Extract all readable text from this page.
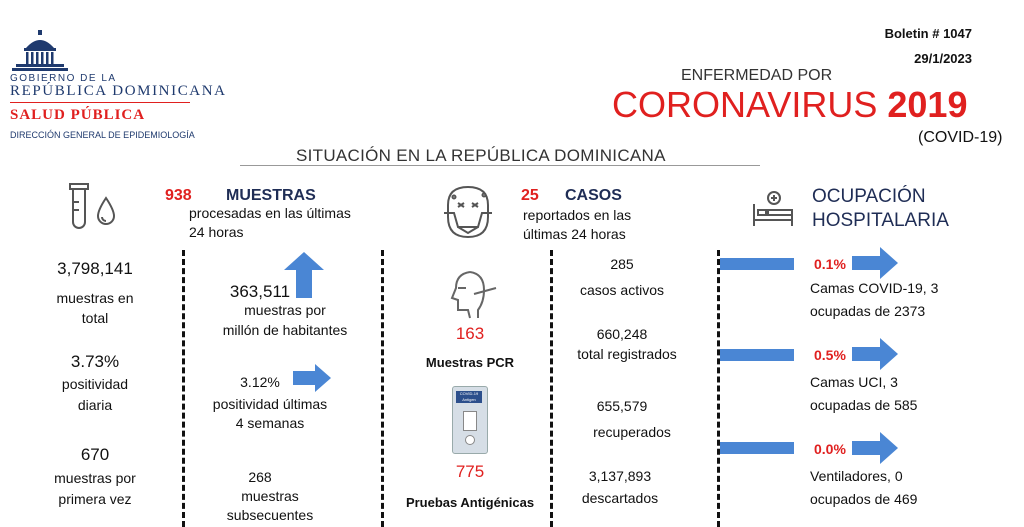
GOBIERNO DE LA
REPÚBLICA DOMINICANA
SALUD PÚBLICA
DIRECCIÓN GENERAL DE EPIDEMIOLOGÍA
Boletin # 1047
29/1/2023
ENFERMEDAD POR
CORONAVIRUS 2019
(COVID-19)
SITUACIÓN EN LA REPÚBLICA DOMINICANA
938 MUESTRAS
procesadas en las últimas
24 horas
3,798,141
muestras en
total
3.73%
positividad
diaria
670
muestras por
primera vez
363,511
muestras por
millón de habitantes
3.12%
positividad últimas
4 semanas
268
muestras
subsecuentes
163
Muestras PCR
COVID-19 Antigen
775
Pruebas Antigénicas
25 CASOS
reportados en las
últimas 24 horas
285
casos activos
660,248
total registrados
655,579
recuperados
3,137,893
descartados
OCUPACIÓN
HOSPITALARIA
0.1%
Camas COVID-19, 3
ocupadas de 2373
0.5%
Camas UCI, 3
ocupadas de 585
0.0%
Ventiladores, 0
ocupados de 469
